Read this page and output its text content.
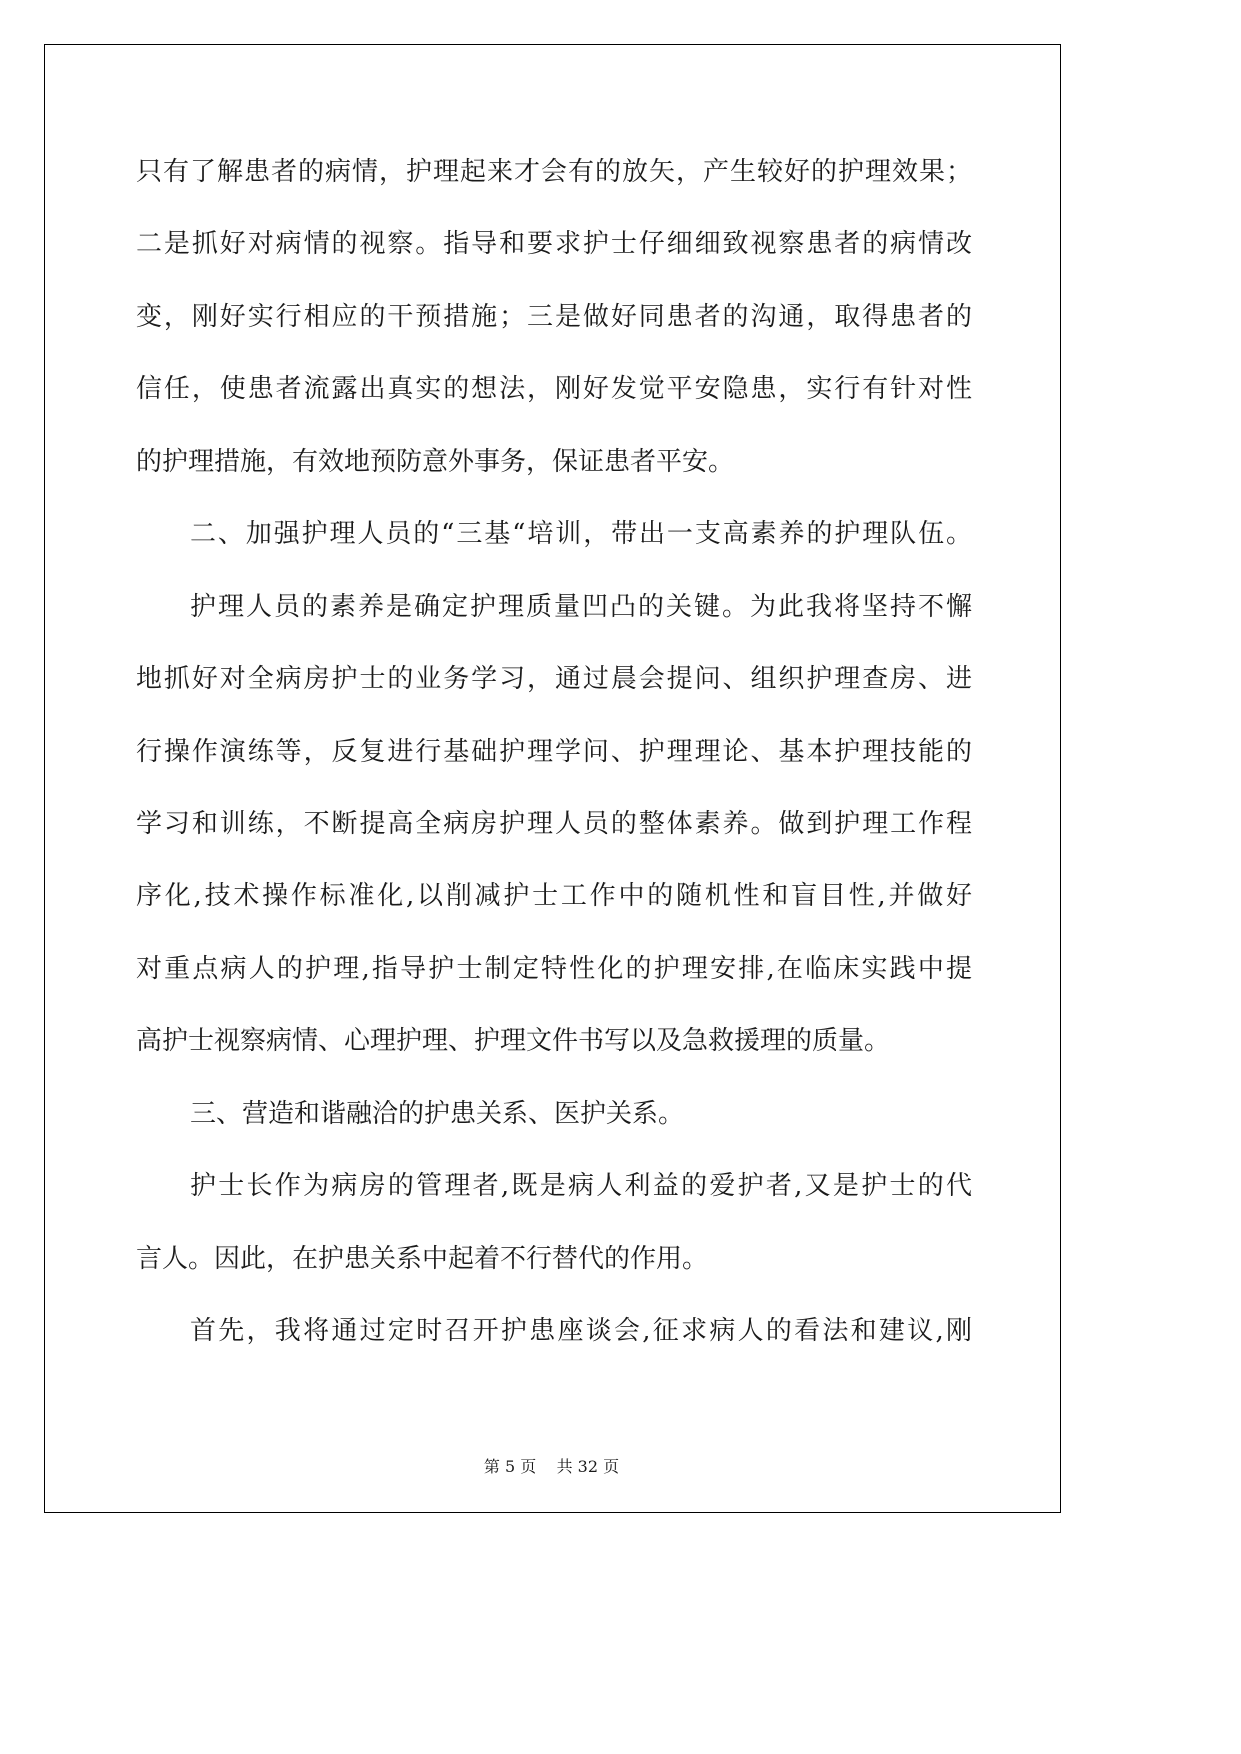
只有了解患者的病情，护理起来才会有的放矢，产生较好的护理效果；
二是抓好对病情的视察。指导和要求护士仔细细致视察患者的病情改
变，刚好实行相应的干预措施；三是做好同患者的沟通，取得患者的
信任，使患者流露出真实的想法，刚好发觉平安隐患，实行有针对性
的护理措施，有效地预防意外事务，保证患者平安。
二、加强护理人员的“三基“培训，带出一支高素养的护理队伍。
护理人员的素养是确定护理质量凹凸的关键。为此我将坚持不懈
地抓好对全病房护士的业务学习，通过晨会提问、组织护理查房、进
行操作演练等，反复进行基础护理学问、护理理论、基本护理技能的
学习和训练，不断提高全病房护理人员的整体素养。做到护理工作程
序化,技术操作标准化,以削减护士工作中的随机性和盲目性,并做好
对重点病人的护理,指导护士制定特性化的护理安排,在临床实践中提
高护士视察病情、心理护理、护理文件书写以及急救援理的质量。
三、营造和谐融洽的护患关系、医护关系。
护士长作为病房的管理者,既是病人利益的爱护者,又是护士的代
言人。因此，在护患关系中起着不行替代的作用。
首先，我将通过定时召开护患座谈会,征求病人的看法和建议,刚
第 5 页    共 32 页
